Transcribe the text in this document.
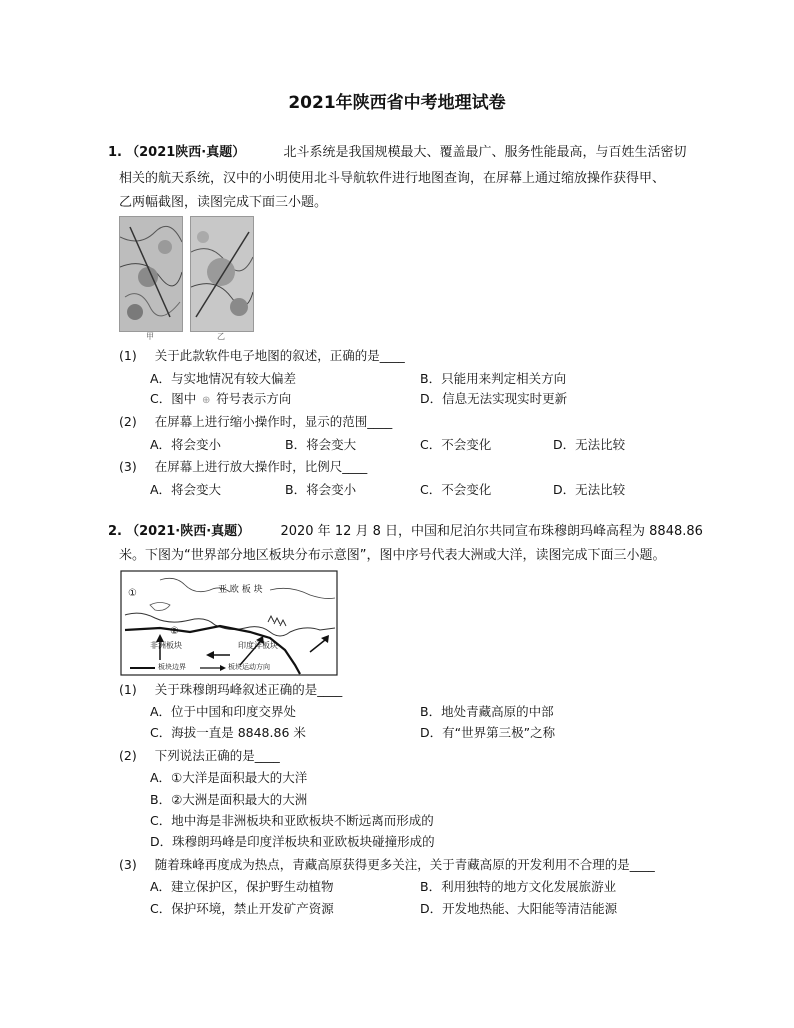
2021年陕西省中考地理试卷
1. （2021陕西·真题）	北斗系统是我国规模最大、覆盖最广、服务性能最高，与百姓生活密切
相关的航天系统，汉中的小明使用北斗导航软件进行地图查询，在屏幕上通过缩放操作获得甲、
乙两幅截图，读图完成下面三小题。
甲	乙
(1) 关于此款软件电子地图的叙述，正确的是____
A．与实地情况有较大偏差	B．只能用来判定相关方向
C．图中 ⊕ 符号表示方向	D．信息无法实现实时更新
(2) 在屏幕上进行缩小操作时，显示的范围____
A．将会变小	B．将会变大	C．不会变化	D．无法比较
(3) 在屏幕上进行放大操作时，比例尺____
A．将会变大	B．将会变小	C．不会变化	D．无法比较
2. （2021·陕西·真题） 2020 年 12 月 8 日，中国和尼泊尔共同宣布珠穆朗玛峰高程为 8848.86
米。下图为“世界部分地区板块分布示意图”，图中序号代表大洲或大洋，读图完成下面三小题。
亚 欧 板 块
非洲板块	印度洋板块
①
②
板块边界	板块运动方向
(1) 关于珠穆朗玛峰叙述正确的是____
A．位于中国和印度交界处	B．地处青藏高原的中部
C．海拔一直是 8848.86 米	D．有“世界第三极”之称
(2) 下列说法正确的是____
A．①大洋是面积最大的大洋
B．②大洲是面积最大的大洲
C．地中海是非洲板块和亚欧板块不断远离而形成的
D．珠穆朗玛峰是印度洋板块和亚欧板块碰撞形成的
(3) 随着珠峰再度成为热点，青藏高原获得更多关注，关于青藏高原的开发利用不合理的是____
A．建立保护区，保护野生动植物	B．利用独特的地方文化发展旅游业
C．保护环境，禁止开发矿产资源	D．开发地热能、大阳能等清洁能源
